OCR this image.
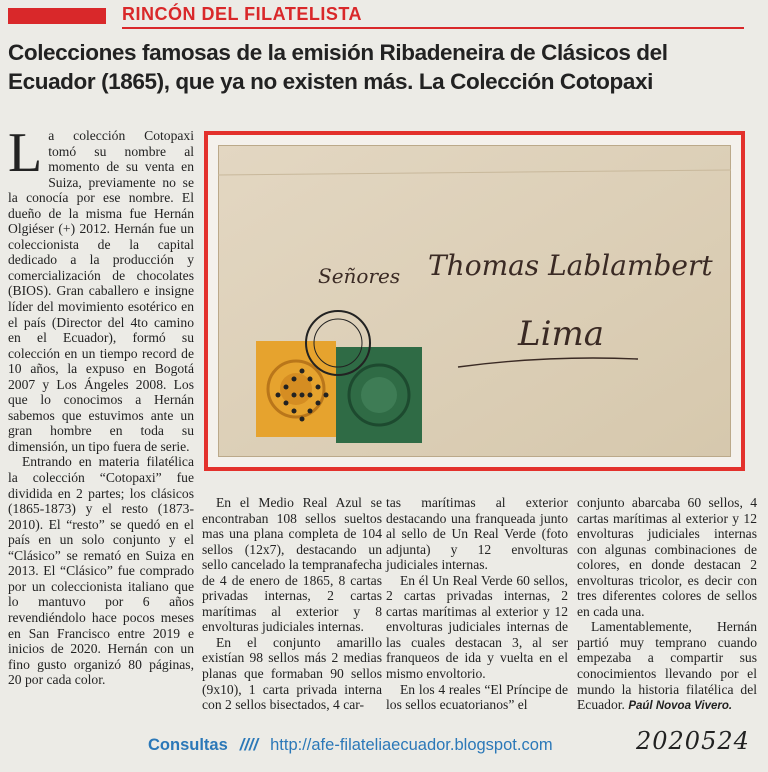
RINCÓN DEL FILATELISTA
Colecciones famosas de la emisión Ribadeneira de Clásicos del Ecuador (1865), que ya no existen más. La Colección Cotopaxi

La colección Cotopaxi tomó su nombre al momento de su venta en Suiza, previamente no se la conocía por ese nombre. El dueño de la misma fue Hernán Olgiéser (+) 2012. Hernán fue un coleccionista de la capital dedicado a la producción y comercialización de chocolates (BIOS). Gran caballero e insigne líder del movimiento esotérico en el país (Director del 4to camino en el Ecuador), formó su colección en un tiempo record de 10 años, la expuso en Bogotá 2007 y Los Ángeles 2008. Los que lo conocimos a Hernán sabemos que estuvimos ante un gran hombre en toda su dimensión, un tipo fuera de serie.

Entrando en materia filatélica la colección “Cotopaxi” fue dividida en 2 partes; los clásicos (1865-1873) y el resto (1873-2010). El “resto” se quedó en el país en un solo conjunto y el “Clásico” se remató en Suiza en 2013. El “Clásico” fue comprado por un coleccionista italiano que lo mantuvo por 6 años revendiéndolo hace pocos meses en San Francisco entre 2019 e inicios de 2020. Hernán con un fino gusto organizó 80 páginas, 20 por cada color.

Señores Thomas Lablambert
Lima

En el Medio Real Azul se encontraban 108 sellos sueltos mas una plana completa de 104 sellos (12x7), destacando un sello cancelado la tempranafecha de 4 de enero de 1865, 8 cartas privadas internas, 2 cartas marítimas al exterior y 8 envolturas judiciales internas.

En el conjunto amarillo existían 98 sellos más 2 medias planas que formaban 90 sellos (9x10), 1 carta privada interna con 2 sellos bisectados, 4 car-

tas marítimas al exterior destacando una franqueada junto al sello de Un Real Verde (foto adjunta) y 12 envolturas judiciales internas.

En él Un Real Verde 60 sellos, 2 cartas privadas internas, 2 cartas marítimas al exterior y 12 envolturas judiciales internas de las cuales destacan 3, al ser franqueos de ida y vuelta en el mismo envoltorio.

En los 4 reales “El Príncipe de los sellos ecuatorianos” el

conjunto abarcaba 60 sellos, 4 cartas marítimas al exterior y 12 envolturas judiciales internas con algunas combinaciones de colores, en donde destacan 2 envolturas tricolor, es decir con tres diferentes colores de sellos en cada una.

Lamentablemente, Hernán partió muy temprano cuando empezaba a compartir sus conocimientos llevando por el mundo la historia filatélica del Ecuador. Paúl Novoa Vivero.

Consultas //// http://afe-filateliaecuador.blogspot.com	2020524
